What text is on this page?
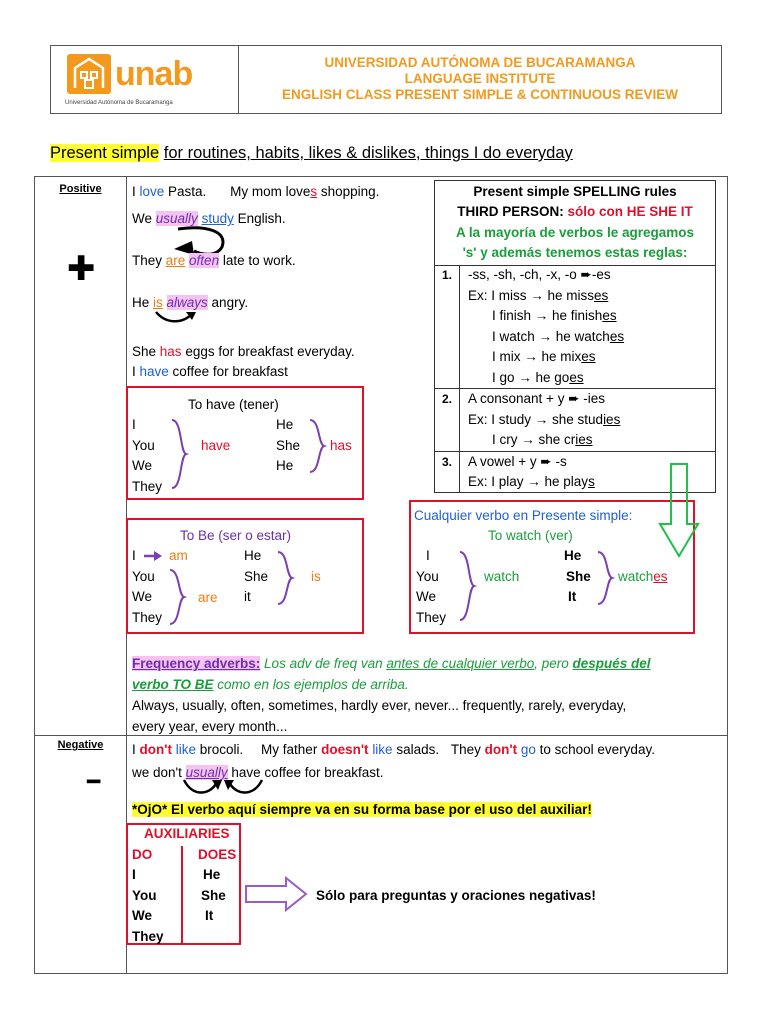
unab
Universidad Autónoma de Bucaramanga
UNIVERSIDAD AUTÓNOMA DE BUCARAMANGA
LANGUAGE INSTITUTE
ENGLISH CLASS PRESENT SIMPLE & CONTINUOUS REVIEW
Present simple for routines, habits, likes & dislikes, things I do everyday
Positive
✚
Negative
━
I love Pasta. My mom loves shopping.
We usually study English.
They are often late to work.
He is always angry.
She has eggs for breakfast everyday.
I have coffee for breakfast
To have (tener)
I
You
We
They
have
He
She
He
has
To Be (ser o estar)
I am
You
We
They
are
He
She
it
is
Present simple SPELLING rules
THIRD PERSON: sólo con HE SHE IT
A la mayoría de verbos le agregamos
's' y además tenemos estas reglas:
1. -ss, -sh, -ch, -x, -o ➨-es
Ex: I miss → he misses
I finish → he finishes
I watch → he watches
I mix → he mixes
I go → he goes
2. A consonant + y ➨ -ies
Ex: I study → she studies
I cry → she cries
3. A vowel + y ➨ -s
Ex: I play → he plays
Cualquier verbo en Presente simple:
To watch (ver)
I
You
We
They
watch
He
She
It
watches
Frequency adverbs: Los adv de freq van antes de cualquier verbo, pero después del
verbo TO BE como en los ejemplos de arriba.
Always, usually, often, sometimes, hardly ever, never... frequently, rarely, everyday,
every year, every month...
I don't like brocoli. My father doesn't like salads. They don't go to school everyday.
we don't usually have coffee for breakfast.
*OjO* El verbo aquí siempre va en su forma base por el uso del auxiliar!
AUXILIARIES
DO	DOES
I
You
We
They
He
She
It
Sólo para preguntas y oraciones negativas!
